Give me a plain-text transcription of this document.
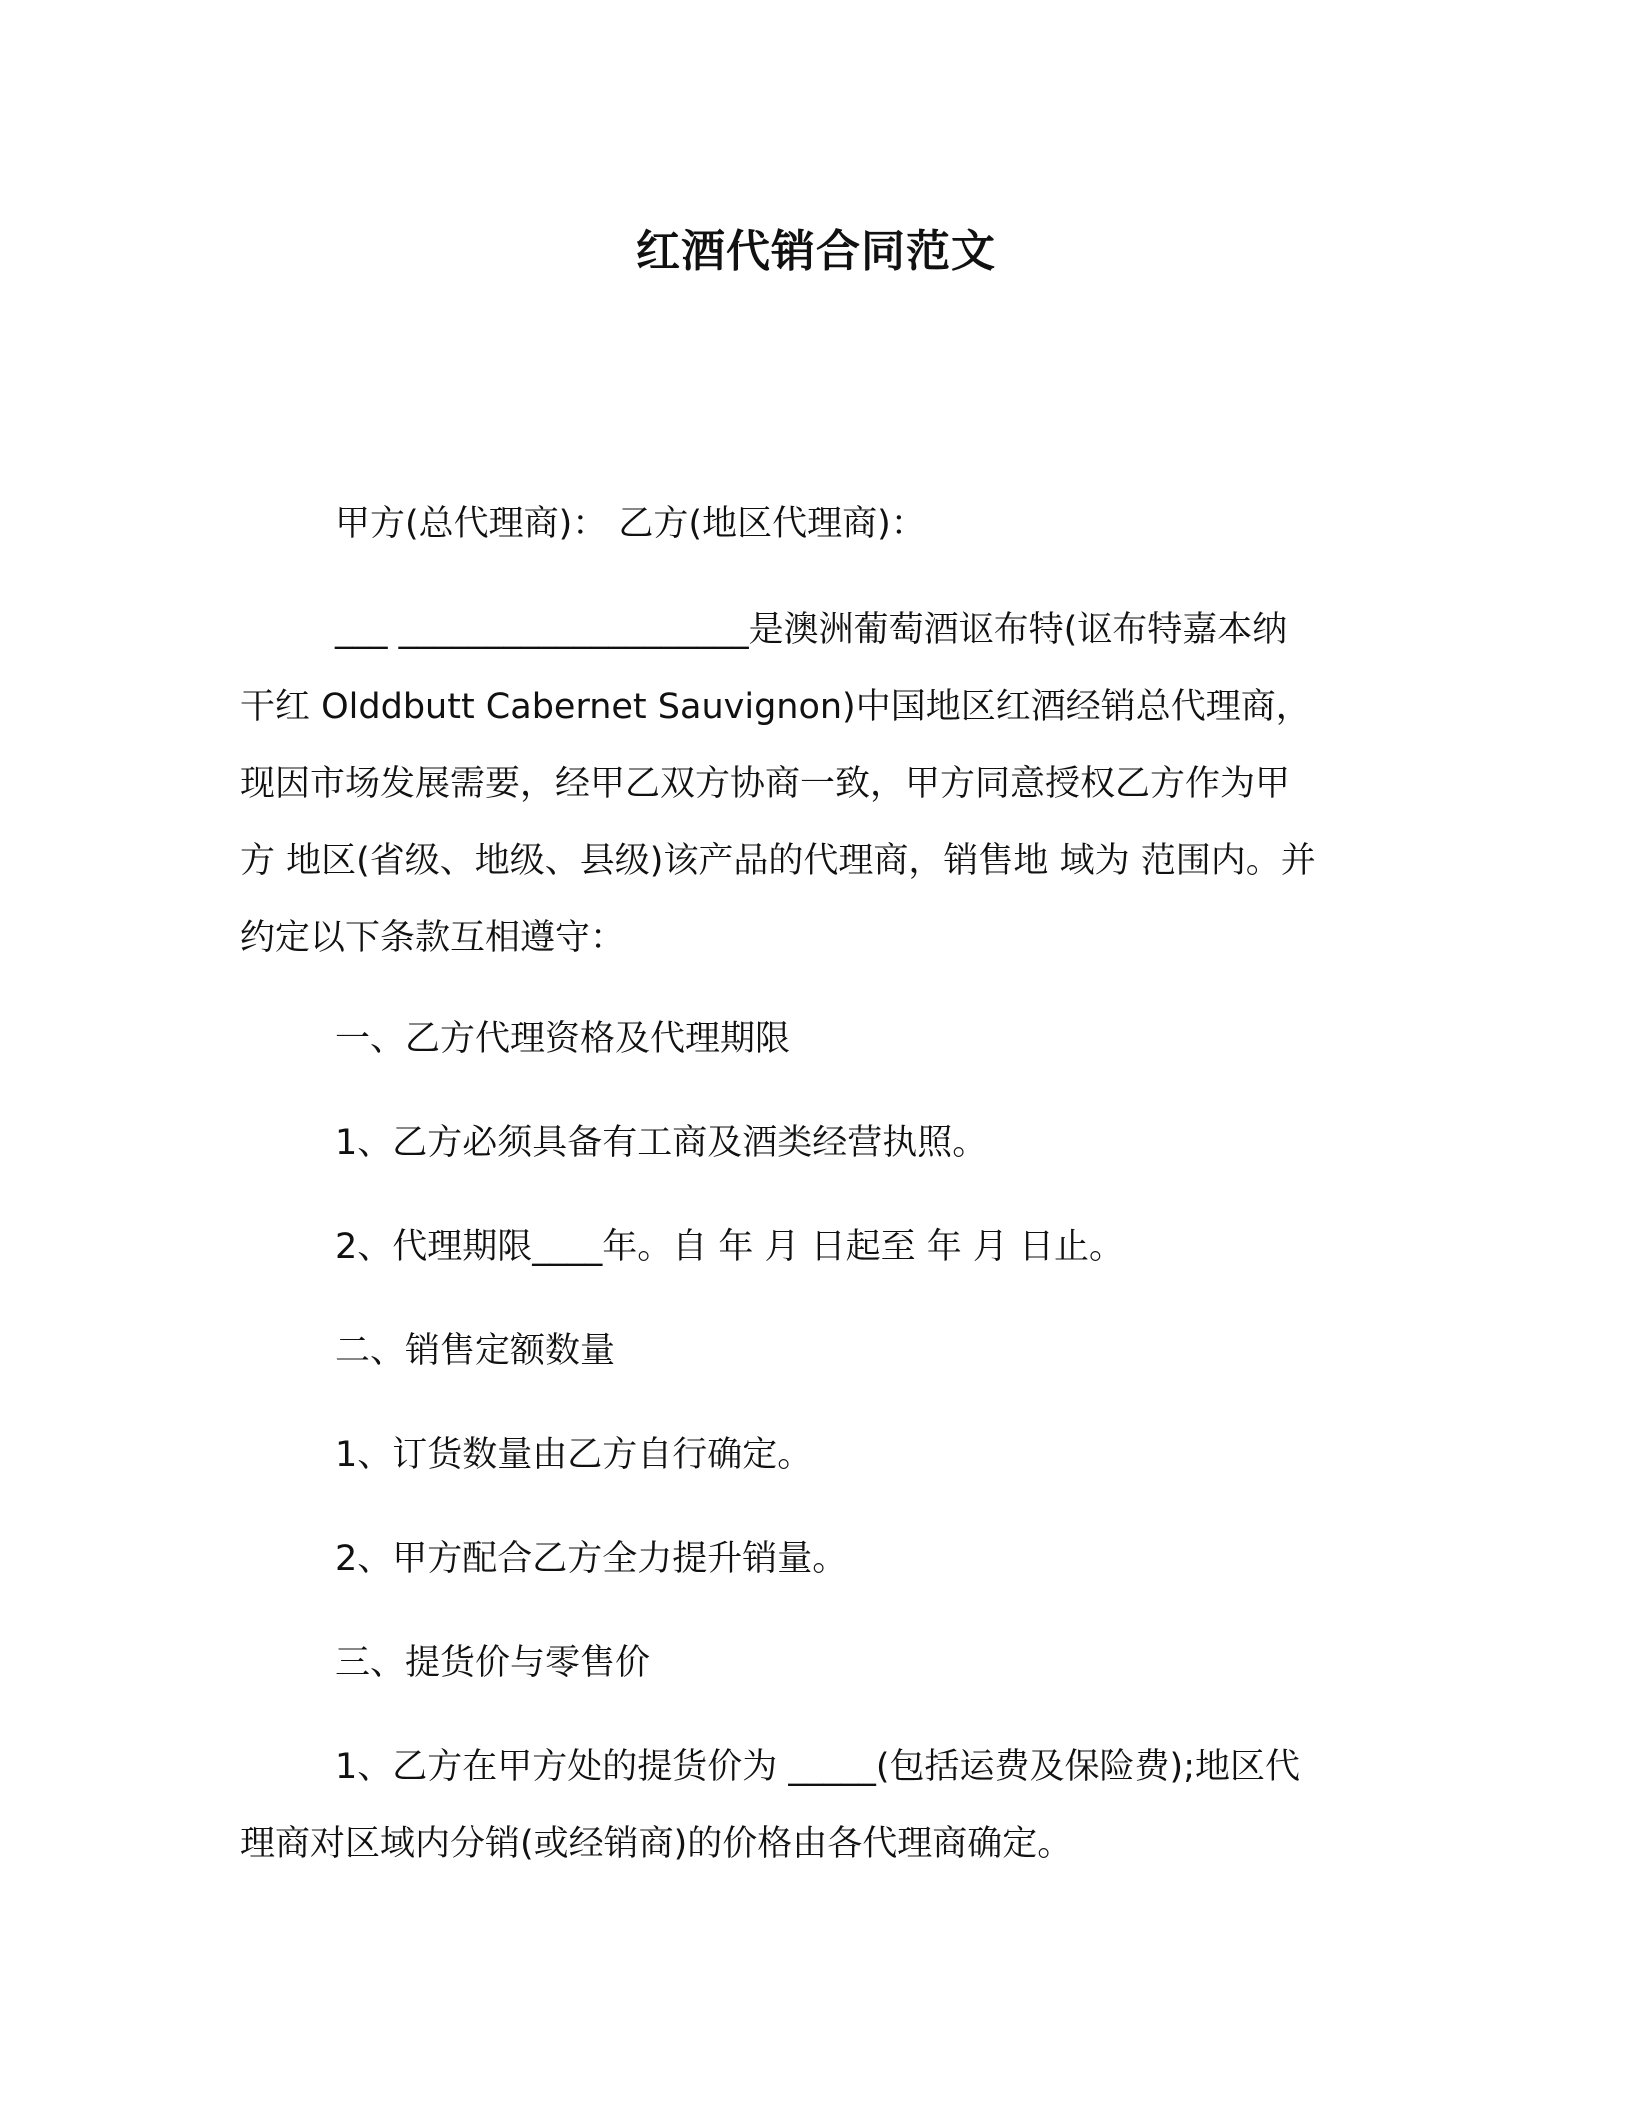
红酒代销合同范文

甲方(总代理商)： 乙方(地区代理商)：

___ ____________________是澳洲葡萄酒讴布特(讴布特嘉本纳
干红 Olddbutt Cabernet Sauvignon)中国地区红酒经销总代理商，
现因市场发展需要，经甲乙双方协商一致，甲方同意授权乙方作为甲
方 地区(省级、地级、县级)该产品的代理商，销售地 域为 范围内。并
约定以下条款互相遵守：

一、乙方代理资格及代理期限

1、乙方必须具备有工商及酒类经营执照。

2、代理期限____年。自 年 月 日起至 年 月 日止。

二、销售定额数量

1、订货数量由乙方自行确定。

2、甲方配合乙方全力提升销量。

三、提货价与零售价

1、乙方在甲方处的提货价为 _____(包括运费及保险费);地区代
理商对区域内分销(或经销商)的价格由各代理商确定。
